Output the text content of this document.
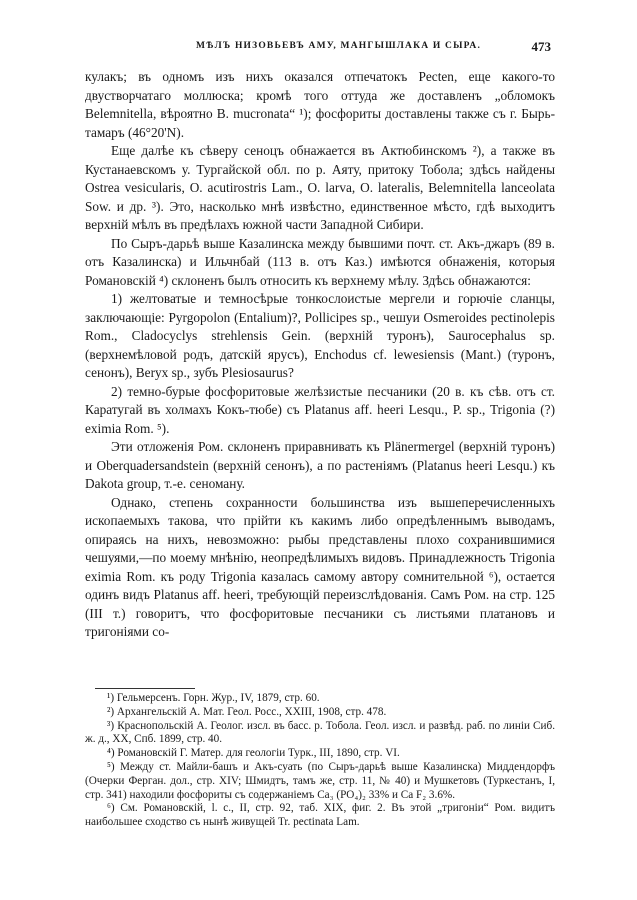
МѢЛЪ НИЗОВЬЕВЪ АМУ, МАНГЫШЛАКА И СЫРА.	473

кулакъ; въ одномъ изъ нихъ оказался отпечатокъ Pecten, еще какого-то двустворчатаго моллюска; кромѣ того оттуда же доставленъ „обломокъ Belemnitella, вѣроятно B. mucronata“ ¹); фосфориты доставлены также съ г. Бырь-тамаръ (46°20'N).

Еще далѣе къ сѣверу сеноцъ обнажается въ Актюбинскомъ ²), а также въ Кустанаевскомъ у. Тургайской обл. по р. Аяту, притоку Тобола; здѣсь найдены Ostrea vesicularis, O. acutirostris Lam., O. larva, O. lateralis, Belemnitella lanceolata Sow. и др. ³). Это, насколько мнѣ извѣстно, единственное мѣсто, гдѣ выходитъ верхній мѣлъ въ предѣлахъ южной части Западной Сибири.

По Сыръ-дарьѣ выше Казалинска между бывшими почт. ст. Акъ-джаръ (89 в. отъ Казалинска) и Ильчнбай (113 в. отъ Каз.) имѣются обнаженія, которыя Романовскій ⁴) склоненъ былъ относить къ верхнему мѣлу. Здѣсь обнажаются:

1) желтоватые и темносѣрые тонкослоистые мергели и горючіе сланцы, заключающіе: Pyrgopolon (Entalium)?, Pollicipes sp., чешуи Osmeroides pectinolepis Rom., Cladocyclys strehlensis Gein. (верхній туронъ), Saurocephalus sp. (верхнемѣловой родъ, датскій ярусъ), Enchodus cf. lewesiensis (Mant.) (туронъ, сенонъ), Beryx sp., зубъ Plesiosaurus?

2) темно-бурые фосфоритовые желѣзистые песчаники (20 в. къ сѣв. отъ ст. Каратугай въ холмахъ Кокъ-тюбе) съ Platanus aff. heeri Lesqu., P. sp., Trigonia (?) eximia Rom. ⁵).

Эти отложенія Ром. склоненъ приравнивать къ Plänermergel (верхній туронъ) и Oberquadersandstein (верхній сенонъ), а по растеніямъ (Platanus heeri Lesqu.) къ Dakota group, т.-е. сеноману.

Однако, степень сохранности большинства изъ вышеперечисленныхъ ископаемыхъ такова, что прійти къ какимъ либо опредѣленнымъ выводамъ, опираясь на нихъ, невозможно: рыбы представлены плохо сохранившимися чешуями,—по моему мнѣнію, неопредѣлимыхъ видовъ. Принадлежность Trigonia eximia Rom. къ роду Trigonia казалась самому автору сомнительной ⁶), остается одинъ видъ Platanus aff. heeri, требующій переизслѣдованія. Самъ Ром. на стр. 125 (III т.) говоритъ, что фосфоритовые песчаники съ листьями платановъ и тригоніями со-

¹) Гельмерсенъ. Горн. Жур., IV, 1879, стр. 60.

²) Архангельскій А. Мат. Геол. Росс., XXIII, 1908, стр. 478.

³) Краснопольскій А. Геолог. изсл. въ басс. р. Тобола. Геол. изсл. и развѣд. раб. по линіи Сиб. ж. д., XX, Спб. 1899, стр. 40.

⁴) Романовскій Г. Матер. для геологіи Турк., III, 1890, стр. VI.

⁵) Между ст. Майли-башъ и Акъ-суать (по Сыръ-дарьѣ выше Казалинска) Миддендорфъ (Очерки Ферган. дол., стр. XIV; Шмидтъ, тамъ же, стр. 11, № 40) и Мушкетовъ (Туркестанъ, I, стр. 341) находили фосфориты съ содержаніемъ Ca₃ (PO₄)₂ 33% и Ca F₂ 3.6%.

⁶) См. Романовскій, l. c., II, стр. 92, таб. XIX, фиг. 2. Въ этой „тригоніи“ Ром. видитъ наибольшее сходство съ нынѣ живущей Tr. pectinata Lam.
